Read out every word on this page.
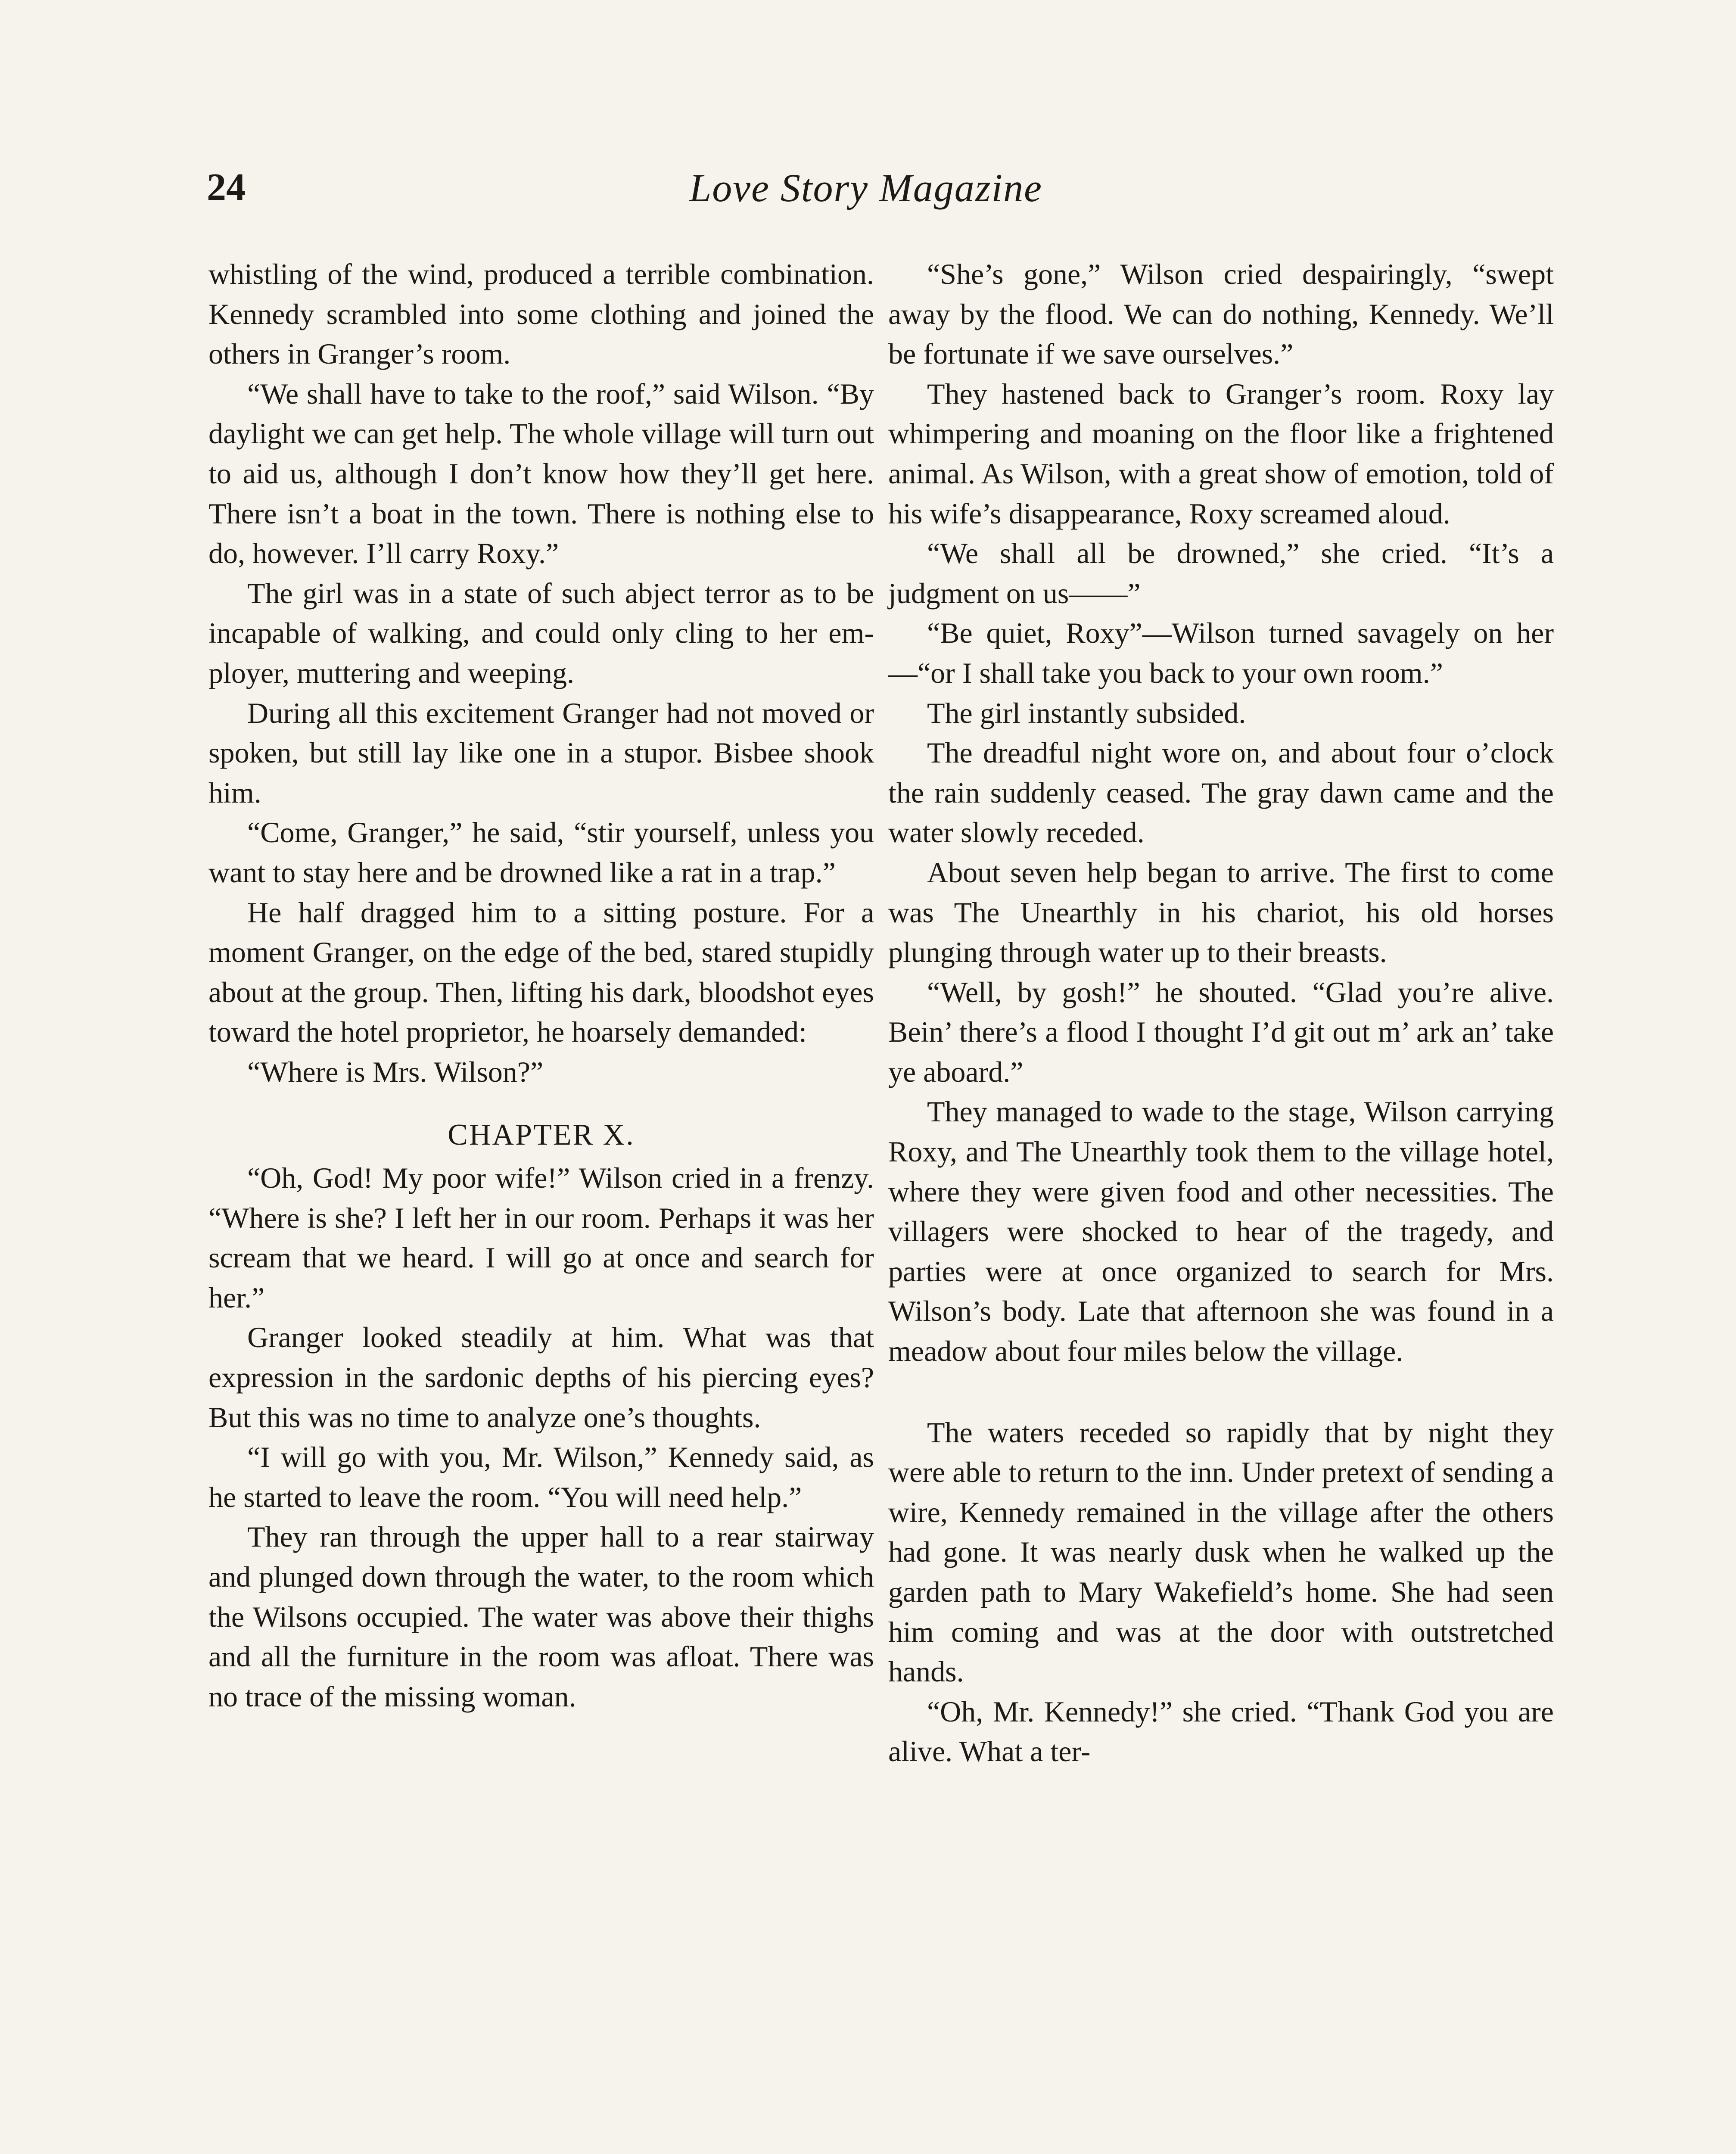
24	Love Story Magazine

whistling of the wind, produced a terrible combination. Kennedy scrambled into some clothing and joined the others in Granger’s room.

“We shall have to take to the roof,” said Wilson. “By daylight we can get help. The whole village will turn out to aid us, although I don’t know how they’ll get here. There isn’t a boat in the town. There is nothing else to do, however. I’ll carry Roxy.”

The girl was in a state of such abject terror as to be incapable of walking, and could only cling to her employer, muttering and weeping.

During all this excitement Granger had not moved or spoken, but still lay like one in a stupor. Bisbee shook him.

“Come, Granger,” he said, “stir yourself, unless you want to stay here and be drowned like a rat in a trap.”

He half dragged him to a sitting posture. For a moment Granger, on the edge of the bed, stared stupidly about at the group. Then, lifting his dark, bloodshot eyes toward the hotel proprietor, he hoarsely demanded:

“Where is Mrs. Wilson?”

CHAPTER X.

“Oh, God! My poor wife!” Wilson cried in a frenzy. “Where is she? I left her in our room. Perhaps it was her scream that we heard. I will go at once and search for her.”

Granger looked steadily at him. What was that expression in the sardonic depths of his piercing eyes? But this was no time to analyze one’s thoughts.

“I will go with you, Mr. Wilson,” Kennedy said, as he started to leave the room. “You will need help.”

They ran through the upper hall to a rear stairway and plunged down through the water, to the room which the Wilsons occupied. The water was above their thighs and all the furniture in the room was afloat. There was no trace of the missing woman.

“She’s gone,” Wilson cried despairingly, “swept away by the flood. We can do nothing, Kennedy. We’ll be fortunate if we save ourselves.”

They hastened back to Granger’s room. Roxy lay whimpering and moaning on the floor like a frightened animal. As Wilson, with a great show of emotion, told of his wife’s disappearance, Roxy screamed aloud.

“We shall all be drowned,” she cried. “It’s a judgment on us——”

“Be quiet, Roxy”—Wilson turned savagely on her—“or I shall take you back to your own room.”

The girl instantly subsided.

The dreadful night wore on, and about four o’clock the rain suddenly ceased. The gray dawn came and the water slowly receded.

About seven help began to arrive. The first to come was The Unearthly in his chariot, his old horses plunging through water up to their breasts.

“Well, by gosh!” he shouted. “Glad you’re alive. Bein’ there’s a flood I thought I’d git out m’ ark an’ take ye aboard.”

They managed to wade to the stage, Wilson carrying Roxy, and The Unearthly took them to the village hotel, where they were given food and other necessities. The villagers were shocked to hear of the tragedy, and parties were at once organized to search for Mrs. Wilson’s body. Late that afternoon she was found in a meadow about four miles below the village.

The waters receded so rapidly that by night they were able to return to the inn. Under pretext of sending a wire, Kennedy remained in the village after the others had gone. It was nearly dusk when he walked up the garden path to Mary Wakefield’s home. She had seen him coming and was at the door with outstretched hands.

“Oh, Mr. Kennedy!” she cried. “Thank God you are alive. What a ter-
